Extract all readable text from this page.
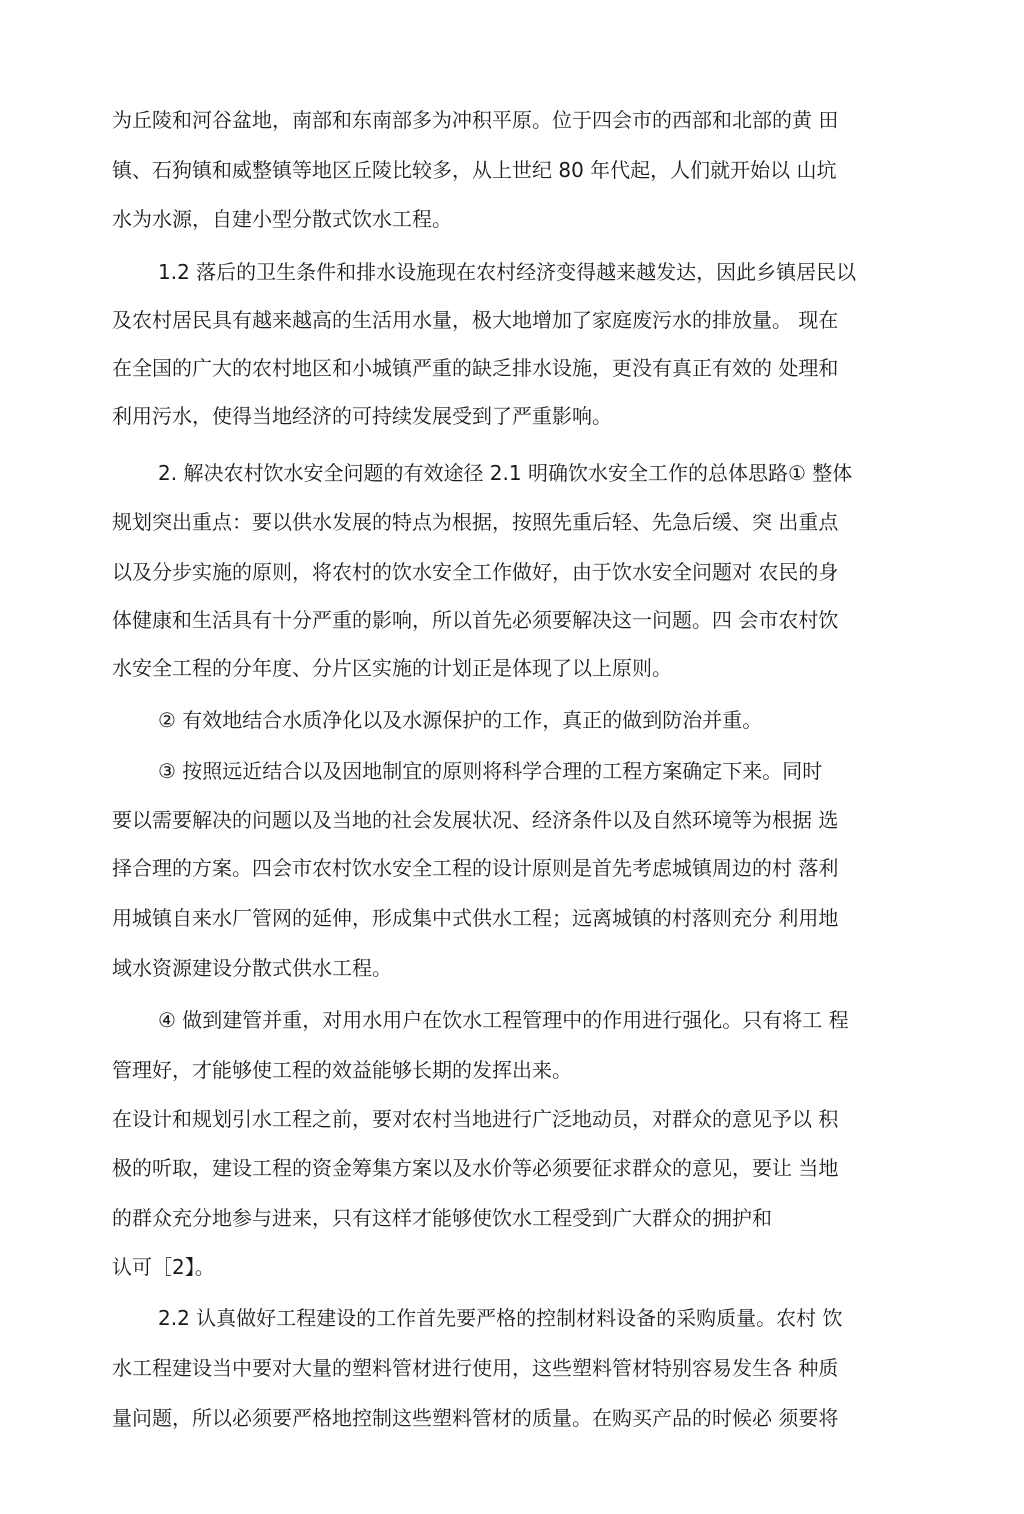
为丘陵和河谷盆地，南部和东南部多为冲积平原。位于四会市的西部和北部的黄 田
镇、石狗镇和威整镇等地区丘陵比较多，从上世纪 80 年代起，人们就开始以 山坑
水为水源，自建小型分散式饮水工程。
1.2 落后的卫生条件和排水设施现在农村经济变得越来越发达，因此乡镇居民以
及农村居民具有越来越高的生活用水量，极大地增加了家庭废污水的排放量。 现在
在全国的广大的农村地区和小城镇严重的缺乏排水设施，更没有真正有效的 处理和
利用污水，使得当地经济的可持续发展受到了严重影响。
2. 解决农村饮水安全问题的有效途径 2.1 明确饮水安全工作的总体思路① 整体
规划突出重点：要以供水发展的特点为根据，按照先重后轻、先急后缓、突 出重点
以及分步实施的原则，将农村的饮水安全工作做好，由于饮水安全问题对 农民的身
体健康和生活具有十分严重的影响，所以首先必须要解决这一问题。四 会市农村饮
水安全工程的分年度、分片区实施的计划正是体现了以上原则。
② 有效地结合水质净化以及水源保护的工作，真正的做到防治并重。
③ 按照远近结合以及因地制宜的原则将科学合理的工程方案确定下来。同时
要以需要解决的问题以及当地的社会发展状况、经济条件以及自然环境等为根据 选
择合理的方案。四会市农村饮水安全工程的设计原则是首先考虑城镇周边的村 落利
用城镇自来水厂管网的延伸，形成集中式供水工程；远离城镇的村落则充分 利用地
域水资源建设分散式供水工程。
④ 做到建管并重，对用水用户在饮水工程管理中的作用进行强化。只有将工 程
管理好，才能够使工程的效益能够长期的发挥出来。
在设计和规划引水工程之前，要对农村当地进行广泛地动员，对群众的意见予以 积
极的听取，建设工程的资金筹集方案以及水价等必须要征求群众的意见，要让 当地
的群众充分地参与进来，只有这样才能够使饮水工程受到广大群众的拥护和
认可［2】。
2.2 认真做好工程建设的工作首先要严格的控制材料设备的采购质量。农村 饮
水工程建设当中要对大量的塑料管材进行使用，这些塑料管材特别容易发生各 种质
量问题，所以必须要严格地控制这些塑料管材的质量。在购买产品的时候必 须要将
